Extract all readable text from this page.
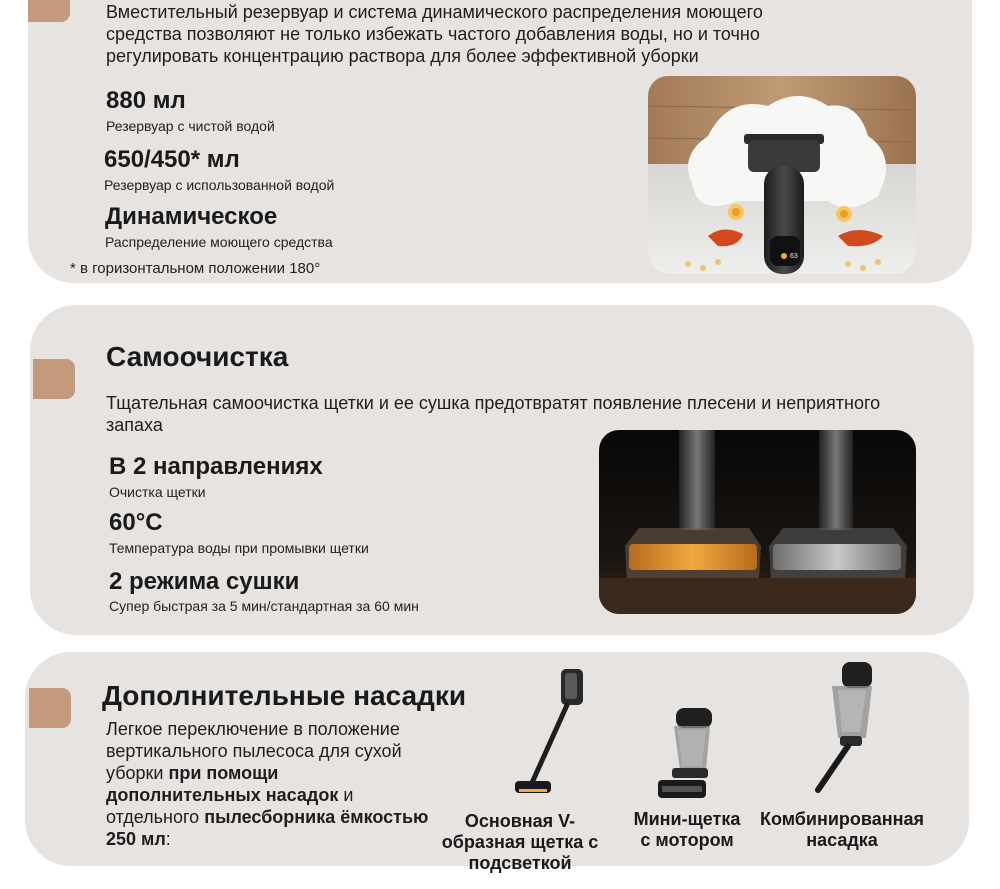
Вместительный резервуар и система динамического распределения моющего средства позволяют не только избежать частого добавления воды, но и точно регулировать концентрацию раствора для более эффективной уборки
880 мл
Резервуар с чистой водой
650/450* мл
Резервуар с использованной водой
Динамическое
Распределение моющего средства
* в горизонтальном положении 180°
63
Самоочистка
Тщательная самоочистка щетки и ее сушка предотвратят появление плесени и неприятного запаха
В 2 направлениях
Очистка щетки
60°C
Температура воды при промывки щетки
2 режима сушки
Супер быстрая за 5 мин/стандартная за 60 мин
Дополнительные насадки
Легкое переключение в положение вертикального пылесоса для сухой уборки при помощи дополнительных насадок и отдельного пылесборника ёмкостью 250 мл:
Основная V-образная щетка с подсветкой
Мини-щетка с мотором
Комбинированная насадка
